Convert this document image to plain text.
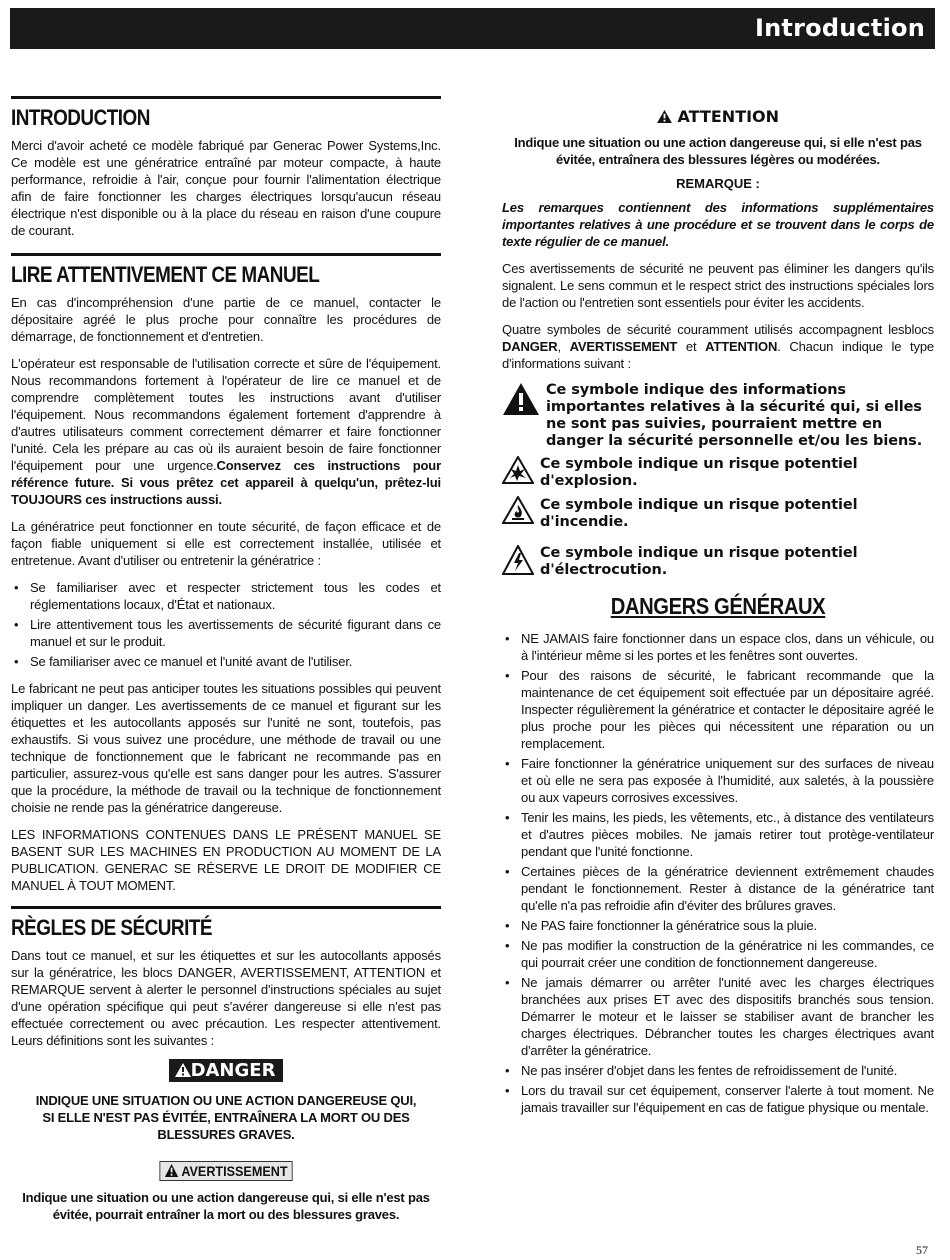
Introduction
INTRODUCTION

Merci d'avoir acheté ce modèle fabriqué par Generac Power Systems,Inc. Ce modèle est une génératrice entraîné par moteur compacte, à haute performance, refroidie à l'air, conçue pour fournir l'alimentation électrique afin de faire fonctionner les charges électriques lorsqu'aucun réseau électrique n'est disponible ou à la place du réseau en raison d'une coupure de courant.

LIRE ATTENTIVEMENT CE MANUEL

En cas d'incompréhension d'une partie de ce manuel, contacter le dépositaire agréé le plus proche pour connaître les procédures de démarrage, de fonctionnement et d'entretien.

L'opérateur est responsable de l'utilisation correcte et sûre de l'équipement. Nous recommandons fortement à l'opérateur de lire ce manuel et de comprendre complètement toutes les instructions avant d'utiliser l'équipement. Nous recommandons également fortement d'apprendre à d'autres utilisateurs comment correctement démarrer et faire fonctionner l'unité. Cela les prépare au cas où ils auraient besoin de faire fonctionner l'équipement pour une urgence.Conservez ces instructions pour référence future. Si vous prêtez cet appareil à quelqu'un, prêtez-lui TOUJOURS ces instructions aussi.

La génératrice peut fonctionner en toute sécurité, de façon efficace et de façon fiable uniquement si elle est correctement installée, utilisée et entretenue. Avant d'utiliser ou entretenir la génératrice :

• Se familiariser avec et respecter strictement tous les codes et réglementations locaux, d'État et nationaux.
• Lire attentivement tous les avertissements de sécurité figurant dans ce manuel et sur le produit.
• Se familiariser avec ce manuel et l'unité avant de l'utiliser.

Le fabricant ne peut pas anticiper toutes les situations possibles qui peuvent impliquer un danger. Les avertissements de ce manuel et figurant sur les étiquettes et les autocollants apposés sur l'unité ne sont, toutefois, pas exhaustifs. Si vous suivez une procédure, une méthode de travail ou une technique de fonctionnement que le fabricant ne recommande pas en particulier, assurez-vous qu'elle est sans danger pour les autres. S'assurer que la procédure, la méthode de travail ou la technique de fonctionnement choisie ne rende pas la génératrice dangereuse.

LES INFORMATIONS CONTENUES DANS LE PRÉSENT MANUEL SE BASENT SUR LES MACHINES EN PRODUCTION AU MOMENT DE LA PUBLICATION. GENERAC SE RÉSERVE LE DROIT DE MODIFIER CE MANUEL À TOUT MOMENT.

RÈGLES DE SÉCURITÉ

Dans tout ce manuel, et sur les étiquettes et sur les autocollants apposés sur la génératrice, les blocs DANGER, AVERTISSEMENT, ATTENTION et REMARQUE servent à alerter le personnel d'instructions spéciales au sujet d'une opération spécifique qui peut s'avérer dangereuse si elle n'est pas effectuée correctement ou avec précaution. Les respecter attentivement. Leurs définitions sont les suivantes :

DANGER

INDIQUE UNE SITUATION OU UNE ACTION DANGEREUSE QUI, SI ELLE N'EST PAS ÉVITÉE, ENTRAÎNERA LA MORT OU DES BLESSURES GRAVES.

AVERTISSEMENT

Indique une situation ou une action dangereuse qui, si elle n'est pas évitée, pourrait entraîner la mort ou des blessures graves.

ATTENTION

Indique une situation ou une action dangereuse qui, si elle n'est pas évitée, entraînera des blessures légères ou modérées.

REMARQUE :

Les remarques contiennent des informations supplémentaires importantes relatives à une procédure et se trouvent dans le corps de texte régulier de ce manuel.

Ces avertissements de sécurité ne peuvent pas éliminer les dangers qu'ils signalent. Le sens commun et le respect strict des instructions spéciales lors de l'action ou l'entretien sont essentiels pour éviter les accidents.

Quatre symboles de sécurité couramment utilisés accompagnent lesblocs DANGER, AVERTISSEMENT et ATTENTION. Chacun indique le type d'informations suivant :

Ce symbole indique des informations importantes relatives à la sécurité qui, si elles ne sont pas suivies, pourraient mettre en danger la sécurité personnelle et/ou les biens.
Ce symbole indique un risque potentiel d'explosion.
Ce symbole indique un risque potentiel d'incendie.
Ce symbole indique un risque potentiel d'électrocution.
DANGERS GÉNÉRAUX
• NE JAMAIS faire fonctionner dans un espace clos, dans un véhicule, ou à l'intérieur même si les portes et les fenêtres sont ouvertes.
• Pour des raisons de sécurité, le fabricant recommande que la maintenance de cet équipement soit effectuée par un dépositaire agréé. Inspecter régulièrement la génératrice et contacter le dépositaire agréé le plus proche pour les pièces qui nécessitent une réparation ou un remplacement.
• Faire fonctionner la génératrice uniquement sur des surfaces de niveau et où elle ne sera pas exposée à l'humidité, aux saletés, à la poussière ou aux vapeurs corrosives excessives.
• Tenir les mains, les pieds, les vêtements, etc., à distance des ventilateurs et d'autres pièces mobiles. Ne jamais retirer tout protège-ventilateur pendant que l'unité fonctionne.
• Certaines pièces de la génératrice deviennent extrêmement chaudes pendant le fonctionnement. Rester à distance de la génératrice tant qu'elle n'a pas refroidie afin d'éviter des brûlures graves.
• Ne PAS faire fonctionner la génératrice sous la pluie.
• Ne pas modifier la construction de la génératrice ni les commandes, ce qui pourrait créer une condition de fonctionnement dangereuse.
• Ne jamais démarrer ou arrêter l'unité avec les charges électriques branchées aux prises ET avec des dispositifs branchés sous tension. Démarrer le moteur et le laisser se stabiliser avant de brancher les charges électriques. Débrancher toutes les charges électriques avant d'arrêter la génératrice.
• Ne pas insérer d'objet dans les fentes de refroidissement de l'unité.
• Lors du travail sur cet équipement, conserver l'alerte à tout moment. Ne jamais travailler sur l'équipement en cas de fatigue physique ou mentale.
57
